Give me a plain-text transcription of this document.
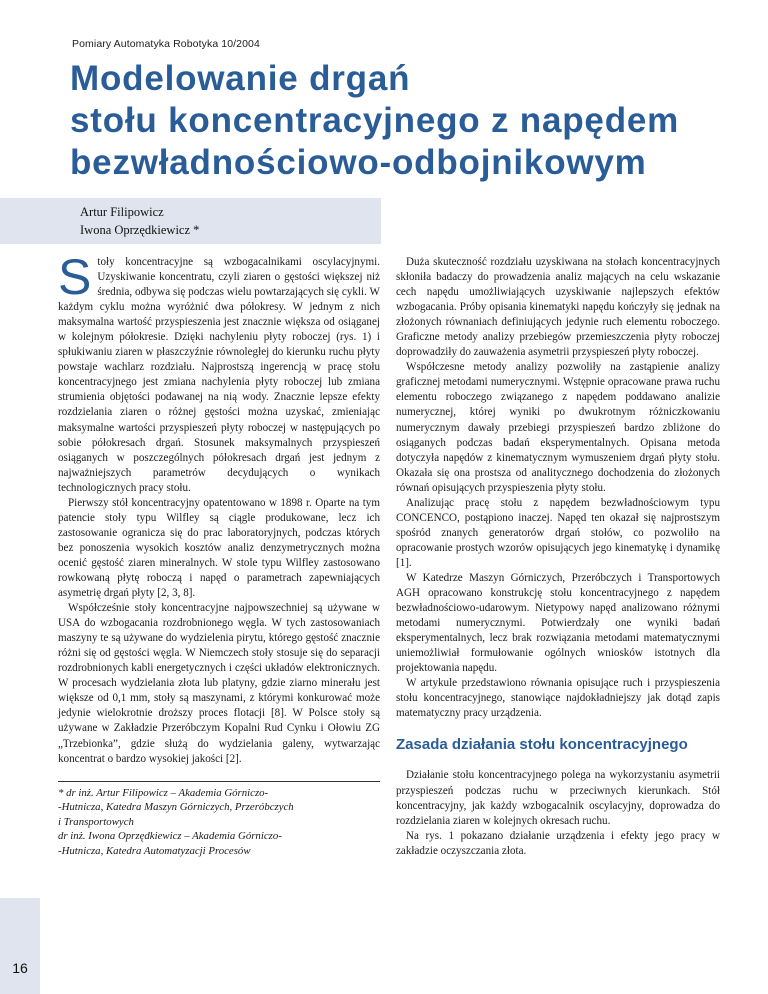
Pomiary Automatyka Robotyka 10/2004
Modelowanie drgań
stołu koncentracyjnego z napędem
bezwładnościowo-odbojnikowym
Artur Filipowicz
Iwona Oprzędkiewicz *

Stoły koncentracyjne są wzbogacalnikami oscylacyjnymi. Uzyskiwanie koncentratu, czyli ziaren o gęstości większej niż średnia, odbywa się podczas wielu powtarzających się cykli. W każdym cyklu można wyróżnić dwa półokresy. W jednym z nich maksymalna wartość przyspieszenia jest znacznie większa od osiąganej w kolejnym półokresie. Dzięki nachyleniu płyty roboczej (rys. 1) i spłukiwaniu ziaren w płaszczyźnie równoległej do kierunku ruchu płyty powstaje wachlarz rozdziału. Najprostszą ingerencją w pracę stołu koncentracyjnego jest zmiana nachylenia płyty roboczej lub zmiana strumienia objętości podawanej na nią wody. Znacznie lepsze efekty rozdzielania ziaren o różnej gęstości można uzyskać, zmieniając maksymalne wartości przyspieszeń płyty roboczej w następujących po sobie półokresach drgań. Stosunek maksymalnych przyspieszeń osiąganych w poszczególnych półokresach drgań jest jednym z najważniejszych parametrów decydujących o wynikach technologicznych pracy stołu.

Pierwszy stół koncentracyjny opatentowano w 1898 r. Oparte na tym patencie stoły typu Wilfley są ciągle produkowane, lecz ich zastosowanie ogranicza się do prac laboratoryjnych, podczas których bez ponoszenia wysokich kosztów analiz denzymetrycznych można ocenić gęstość ziaren mineralnych. W stole typu Wilfley zastosowano rowkowaną płytę roboczą i napęd o parametrach zapewniających asymetrię drgań płyty [2, 3, 8].

Współcześnie stoły koncentracyjne najpowszechniej są używane w USA do wzbogacania rozdrobnionego węgla. W tych zastosowaniach maszyny te są używane do wydzielenia pirytu, którego gęstość znacznie różni się od gęstości węgla. W Niemczech stoły stosuje się do separacji rozdrobnionych kabli energetycznych i części układów elektronicznych. W procesach wydzielania złota lub platyny, gdzie ziarno minerału jest większe od 0,1 mm, stoły są maszynami, z którymi konkurować może jedynie wielokrotnie droższy proces flotacji [8]. W Polsce stoły są używane w Zakładzie Przeróbczym Kopalni Rud Cynku i Ołowiu ZG „Trzebionka”, gdzie służą do wydzielania galeny, wytwarzając koncentrat o bardzo wysokiej jakości [2].

* dr inż. Artur Filipowicz – Akademia Górniczo-
-Hutnicza, Katedra Maszyn Górniczych, Przeróbczych
i Transportowych
dr inż. Iwona Oprzędkiewicz – Akademia Górniczo-
-Hutnicza, Katedra Automatyzacji Procesów

Duża skuteczność rozdziału uzyskiwana na stołach koncentracyjnych skłoniła badaczy do prowadzenia analiz mających na celu wskazanie cech napędu umożliwiających uzyskiwanie najlepszych efektów wzbogacania. Próby opisania kinematyki napędu kończyły się jednak na złożonych równaniach definiujących jedynie ruch elementu roboczego. Graficzne metody analizy przebiegów przemieszczenia płyty roboczej doprowadziły do zauważenia asymetrii przyspieszeń płyty roboczej.

Współczesne metody analizy pozwoliły na zastąpienie analizy graficznej metodami numerycznymi. Wstępnie opracowane prawa ruchu elementu roboczego związanego z napędem poddawano analizie numerycznej, której wyniki po dwukrotnym różniczkowaniu numerycznym dawały przebiegi przyspieszeń bardzo zbliżone do osiąganych podczas badań eksperymentalnych. Opisana metoda dotyczyła napędów z kinematycznym wymuszeniem drgań płyty stołu. Okazała się ona prostsza od analitycznego dochodzenia do złożonych równań opisujących przyspieszenia płyty stołu.

Analizując pracę stołu z napędem bezwładnościowym typu CONCENCO, postąpiono inaczej. Napęd ten okazał się najprostszym spośród znanych generatorów drgań stołów, co pozwoliło na opracowanie prostych wzorów opisujących jego kinematykę i dynamikę [1].

W Katedrze Maszyn Górniczych, Przeróbczych i Transportowych AGH opracowano konstrukcję stołu koncentracyjnego z napędem bezwładnościowo-udarowym. Nietypowy napęd analizowano różnymi metodami numerycznymi. Potwierdzały one wyniki badań eksperymentalnych, lecz brak rozwiązania metodami matematycznymi uniemożliwiał formułowanie ogólnych wniosków istotnych dla projektowania napędu.

W artykule przedstawiono równania opisujące ruch i przyspieszenia stołu koncentracyjnego, stanowiące najdokładniejszy jak dotąd zapis matematyczny pracy urządzenia.

Zasada działania stołu koncentracyjnego

Działanie stołu koncentracyjnego polega na wykorzystaniu asymetrii przyspieszeń podczas ruchu w przeciwnych kierunkach. Stół koncentracyjny, jak każdy wzbogacalnik oscylacyjny, doprowadza do rozdzielania ziaren w kolejnych okresach ruchu.

Na rys. 1 pokazano działanie urządzenia i efekty jego pracy w zakładzie oczyszczania złota.

16
